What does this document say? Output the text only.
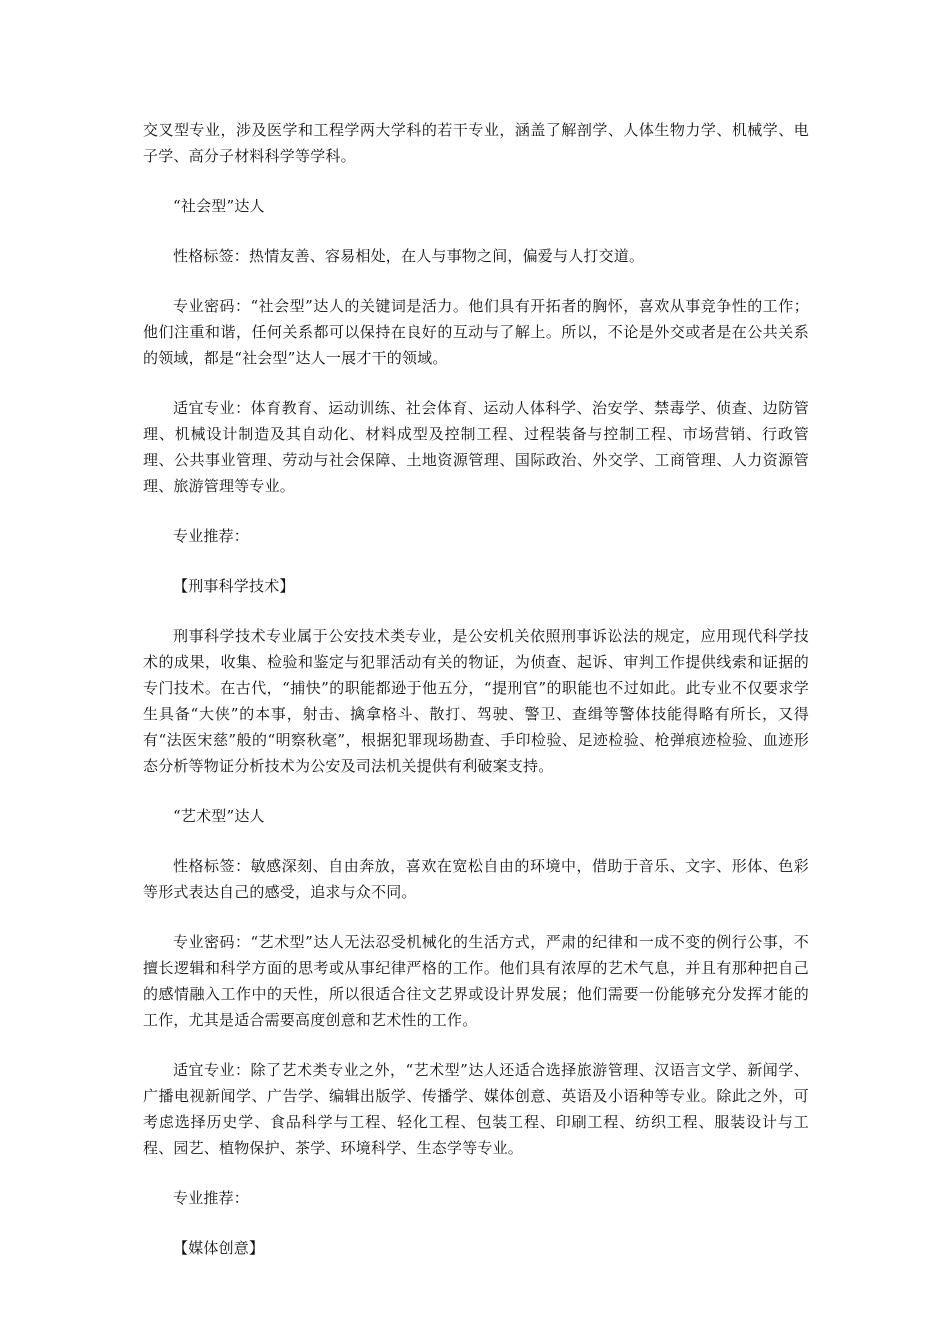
交叉型专业，涉及医学和工程学两大学科的若干专业，涵盖了解剖学、人体生物力学、机械学、电子学、高分子材料科学等学科。

“社会型”达人

性格标签：热情友善、容易相处，在人与事物之间，偏爱与人打交道。

专业密码：“社会型”达人的关键词是活力。他们具有开拓者的胸怀，喜欢从事竞争性的工作；他们注重和谐，任何关系都可以保持在良好的互动与了解上。所以，不论是外交或者是在公共关系的领域，都是“社会型”达人一展才干的领域。

适宜专业：体育教育、运动训练、社会体育、运动人体科学、治安学、禁毒学、侦查、边防管理、机械设计制造及其自动化、材料成型及控制工程、过程装备与控制工程、市场营销、行政管理、公共事业管理、劳动与社会保障、土地资源管理、国际政治、外交学、工商管理、人力资源管理、旅游管理等专业。

专业推荐：

【刑事科学技术】

刑事科学技术专业属于公安技术类专业，是公安机关依照刑事诉讼法的规定，应用现代科学技术的成果，收集、检验和鉴定与犯罪活动有关的物证，为侦查、起诉、审判工作提供线索和证据的专门技术。在古代，“捕快”的职能都逊于他五分，“提刑官”的职能也不过如此。此专业不仅要求学生具备“大侠”的本事，射击、擒拿格斗、散打、驾驶、警卫、查缉等警体技能得略有所长，又得有“法医宋慈”般的“明察秋毫”，根据犯罪现场勘查、手印检验、足迹检验、枪弹痕迹检验、血迹形态分析等物证分析技术为公安及司法机关提供有利破案支持。

“艺术型”达人

性格标签：敏感深刻、自由奔放，喜欢在宽松自由的环境中，借助于音乐、文字、形体、色彩等形式表达自己的感受，追求与众不同。

专业密码：“艺术型”达人无法忍受机械化的生活方式，严肃的纪律和一成不变的例行公事，不擅长逻辑和科学方面的思考或从事纪律严格的工作。他们具有浓厚的艺术气息，并且有那种把自己的感情融入工作中的天性，所以很适合往文艺界或设计界发展；他们需要一份能够充分发挥才能的工作，尤其是适合需要高度创意和艺术性的工作。

适宜专业：除了艺术类专业之外，“艺术型”达人还适合选择旅游管理、汉语言文学、新闻学、广播电视新闻学、广告学、编辑出版学、传播学、媒体创意、英语及小语种等专业。除此之外，可考虑选择历史学、食品科学与工程、轻化工程、包装工程、印刷工程、纺织工程、服装设计与工程、园艺、植物保护、茶学、环境科学、生态学等专业。

专业推荐：

【媒体创意】
